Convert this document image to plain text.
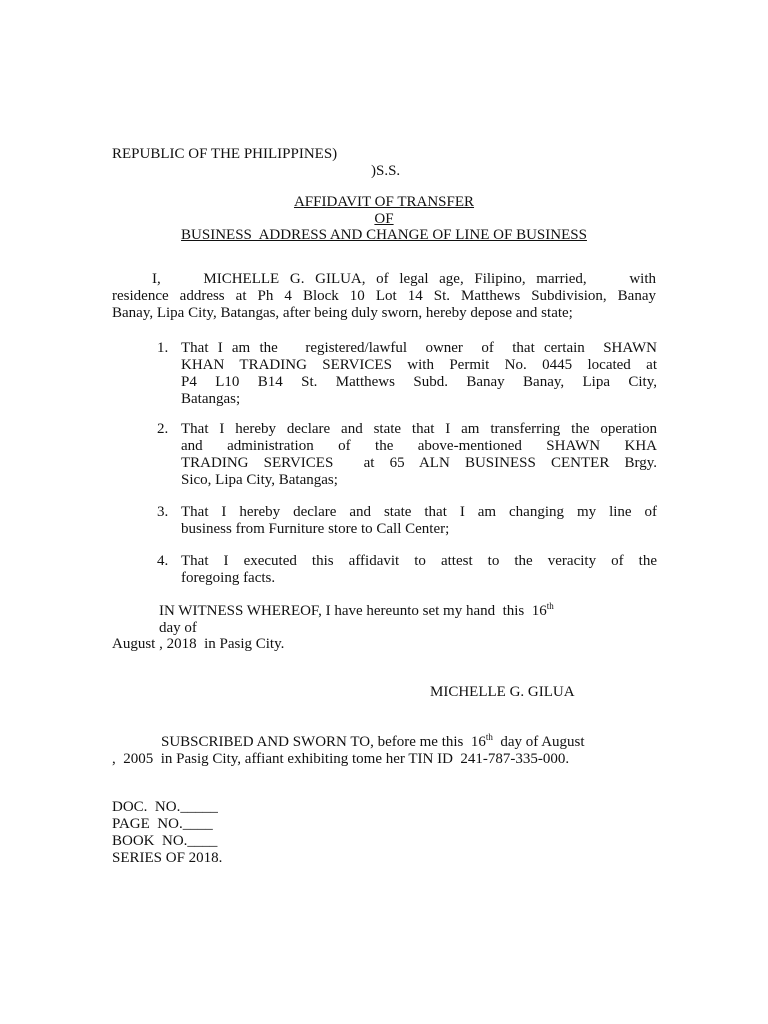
REPUBLIC OF THE PHILIPPINES)
)S.S.
AFFIDAVIT OF TRANSFER
OF
BUSINESS  ADDRESS AND CHANGE OF LINE OF BUSINESS
I,    MICHELLE G. GILUA, of legal age, Filipino, married,    with
residence address at Ph 4 Block 10 Lot 14 St. Matthews Subdivision, Banay
Banay, Lipa City, Batangas, after being duly sworn, hereby depose and state;
1. That I am the   registered/lawful  owner  of  that certain  SHAWN
KHAN TRADING SERVICES with Permit No. 0445 located at
P4 L10 B14 St. Matthews Subd. Banay Banay, Lipa City,
Batangas;
2. That I hereby declare and state that I am transferring the operation
and administration of the above-mentioned SHAWN KHA
TRADING SERVICES  at 65 ALN BUSINESS CENTER Brgy.
Sico, Lipa City, Batangas;
3. That I hereby declare and state that I am changing my line of
business from Furniture store to Call Center;
4. That I executed this affidavit to attest to the veracity of the
foregoing facts.
IN WITNESS WHEREOF, I have hereunto set my hand  this  16th
day of
August , 2018  in Pasig City.
MICHELLE G. GILUA
SUBSCRIBED AND SWORN TO, before me this  16th  day of August
,  2005  in Pasig City, affiant exhibiting tome her TIN ID  241-787-335-000.
DOC.  NO._____
PAGE  NO.____
BOOK  NO.____
SERIES OF 2018.
